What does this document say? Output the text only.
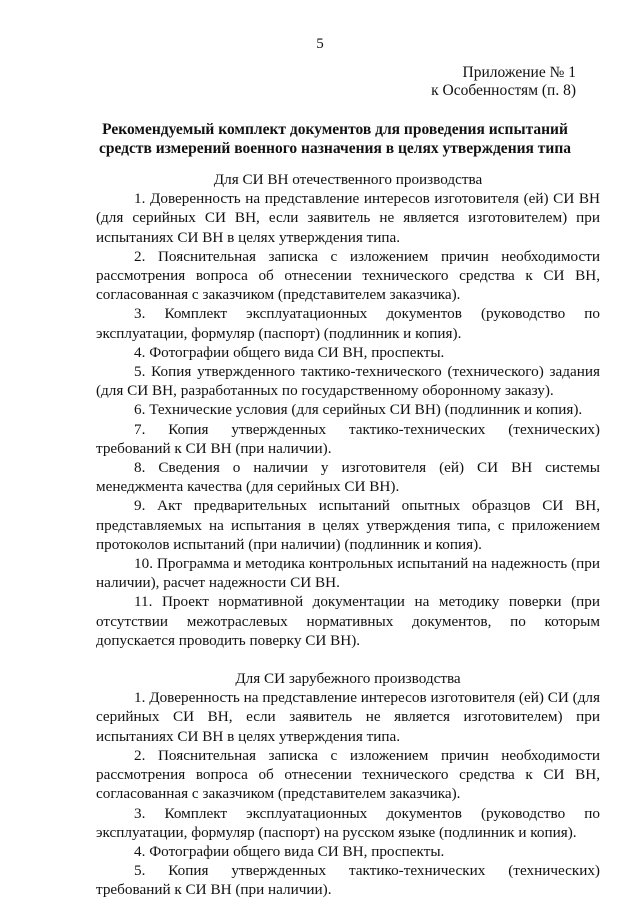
5
Приложение № 1
к Особенностям (п. 8)
Рекомендуемый комплект документов для проведения испытаний
средств измерений военного назначения в целях утверждения типа

Для СИ ВН отечественного производства

1. Доверенность на представление интересов изготовителя (ей) СИ ВН (для серийных СИ ВН, если заявитель не является изготовителем) при испытаниях СИ ВН в целях утверждения типа.

2. Пояснительная записка с изложением причин необходимости рассмотрения вопроса об отнесении технического средства к СИ ВН, согласованная с заказчиком (представителем заказчика).

3. Комплект эксплуатационных документов (руководство по эксплуатации, формуляр (паспорт) (подлинник и копия).

4. Фотографии общего вида СИ ВН, проспекты.

5. Копия утвержденного тактико-технического (технического) задания (для СИ ВН, разработанных по государственному оборонному заказу).

6. Технические условия (для серийных СИ ВН) (подлинник и копия).

7. Копия утвержденных тактико-технических (технических) требований к СИ ВН (при наличии).

8. Сведения о наличии у изготовителя (ей) СИ ВН системы менеджмента качества (для серийных СИ ВН).

9. Акт предварительных испытаний опытных образцов СИ ВН, представляемых на испытания в целях утверждения типа, с приложением протоколов испытаний (при наличии) (подлинник и копия).

10. Программа и методика контрольных испытаний на надежность (при наличии), расчет надежности СИ ВН.

11. Проект нормативной документации на методику поверки (при отсутствии межотраслевых нормативных документов, по которым допускается проводить поверку СИ ВН).

Для СИ зарубежного производства

1. Доверенность на представление интересов изготовителя (ей) СИ (для серийных СИ ВН, если заявитель не является изготовителем) при испытаниях СИ ВН в целях утверждения типа.

2. Пояснительная записка с изложением причин необходимости рассмотрения вопроса об отнесении технического средства к СИ ВН, согласованная с заказчиком (представителем заказчика).

3. Комплект эксплуатационных документов (руководство по эксплуатации, формуляр (паспорт) на русском языке (подлинник и копия).

4. Фотографии общего вида СИ ВН, проспекты.

5. Копия утвержденных тактико-технических (технических) требований к СИ ВН (при наличии).
